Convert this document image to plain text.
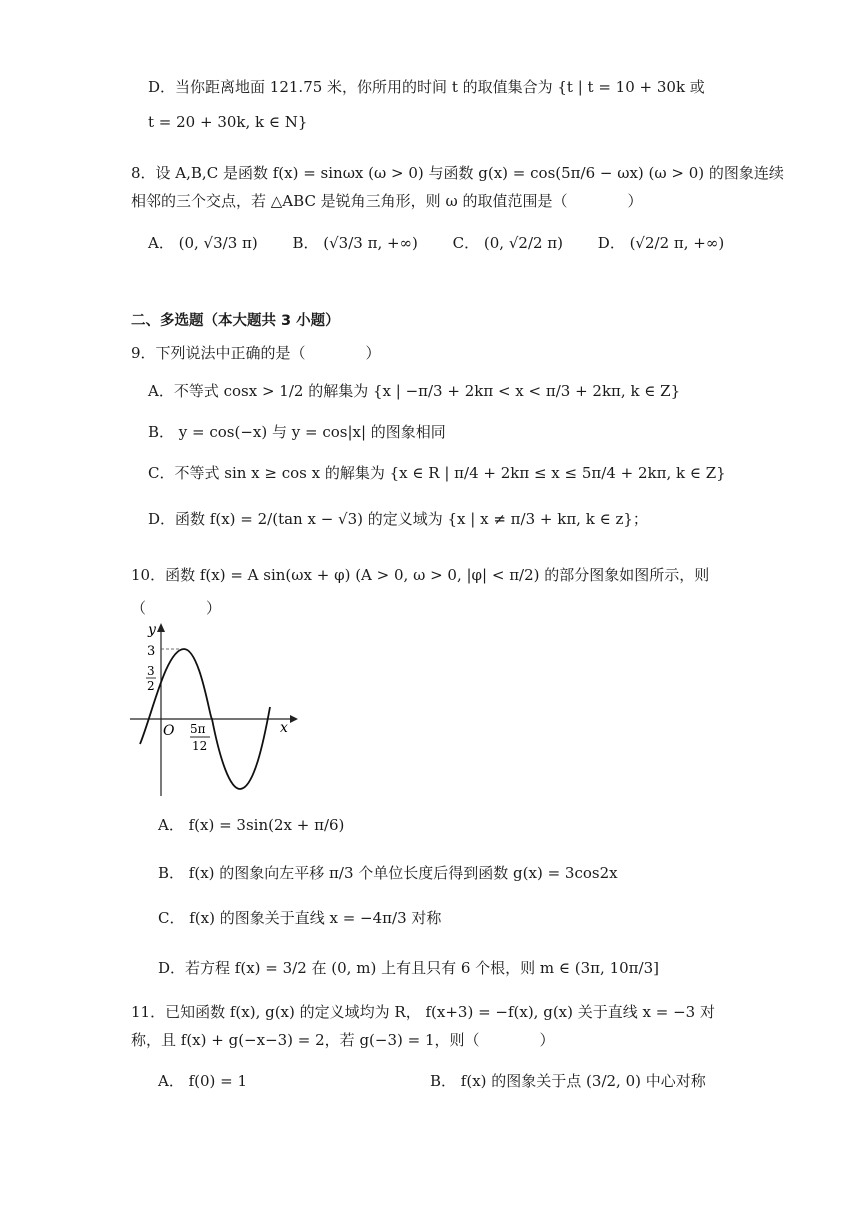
D．当你距离地面 121.75 米，你所用的时间 t 的取值集合为 {t | t = 10 + 30k 或
t = 20 + 30k, k ∈ N}
8．设 A,B,C 是函数 f(x) = sinωx (ω > 0) 与函数 g(x) = cos(5π/6 − ωx) (ω > 0) 的图象连续
相邻的三个交点，若 △ABC 是锐角三角形，则 ω 的取值范围是（　　　　）
A． (0, √3/3 π)　　 B． (√3/3 π, +∞)　　 C． (0, √2/2 π)　　 D． (√2/2 π, +∞)
二、多选题（本大题共 3 小题）
9．下列说法中正确的是（　　　　）
A．不等式 cosx > 1/2 的解集为 {x | −π/3 + 2kπ < x < π/3 + 2kπ, k ∈ Z}
B． y = cos(−x) 与 y = cos|x| 的图象相同
C．不等式 sin x ≥ cos x 的解集为 {x ∈ R | π/4 + 2kπ ≤ x ≤ 5π/4 + 2kπ, k ∈ Z}
D．函数 f(x) = 2/(tan x − √3) 的定义域为 {x | x ≠ π/3 + kπ, k ∈ z}；
10．函数 f(x) = A sin(ωx + φ) (A > 0, ω > 0, |φ| < π/2) 的部分图象如图所示，则
（　　　　）
y
x
O
3
3
2
5π
12
A． f(x) = 3sin(2x + π/6)
B． f(x) 的图象向左平移 π/3 个单位长度后得到函数 g(x) = 3cos2x
C． f(x) 的图象关于直线 x = −4π/3 对称
D．若方程 f(x) = 3/2 在 (0, m) 上有且只有 6 个根，则 m ∈ (3π, 10π/3]
11．已知函数 f(x), g(x) 的定义域均为 R， f(x+3) = −f(x), g(x) 关于直线 x = −3 对
称，且 f(x) + g(−x−3) = 2，若 g(−3) = 1，则（　　　　）
A． f(0) = 1	B． f(x) 的图象关于点 (3/2, 0) 中心对称
